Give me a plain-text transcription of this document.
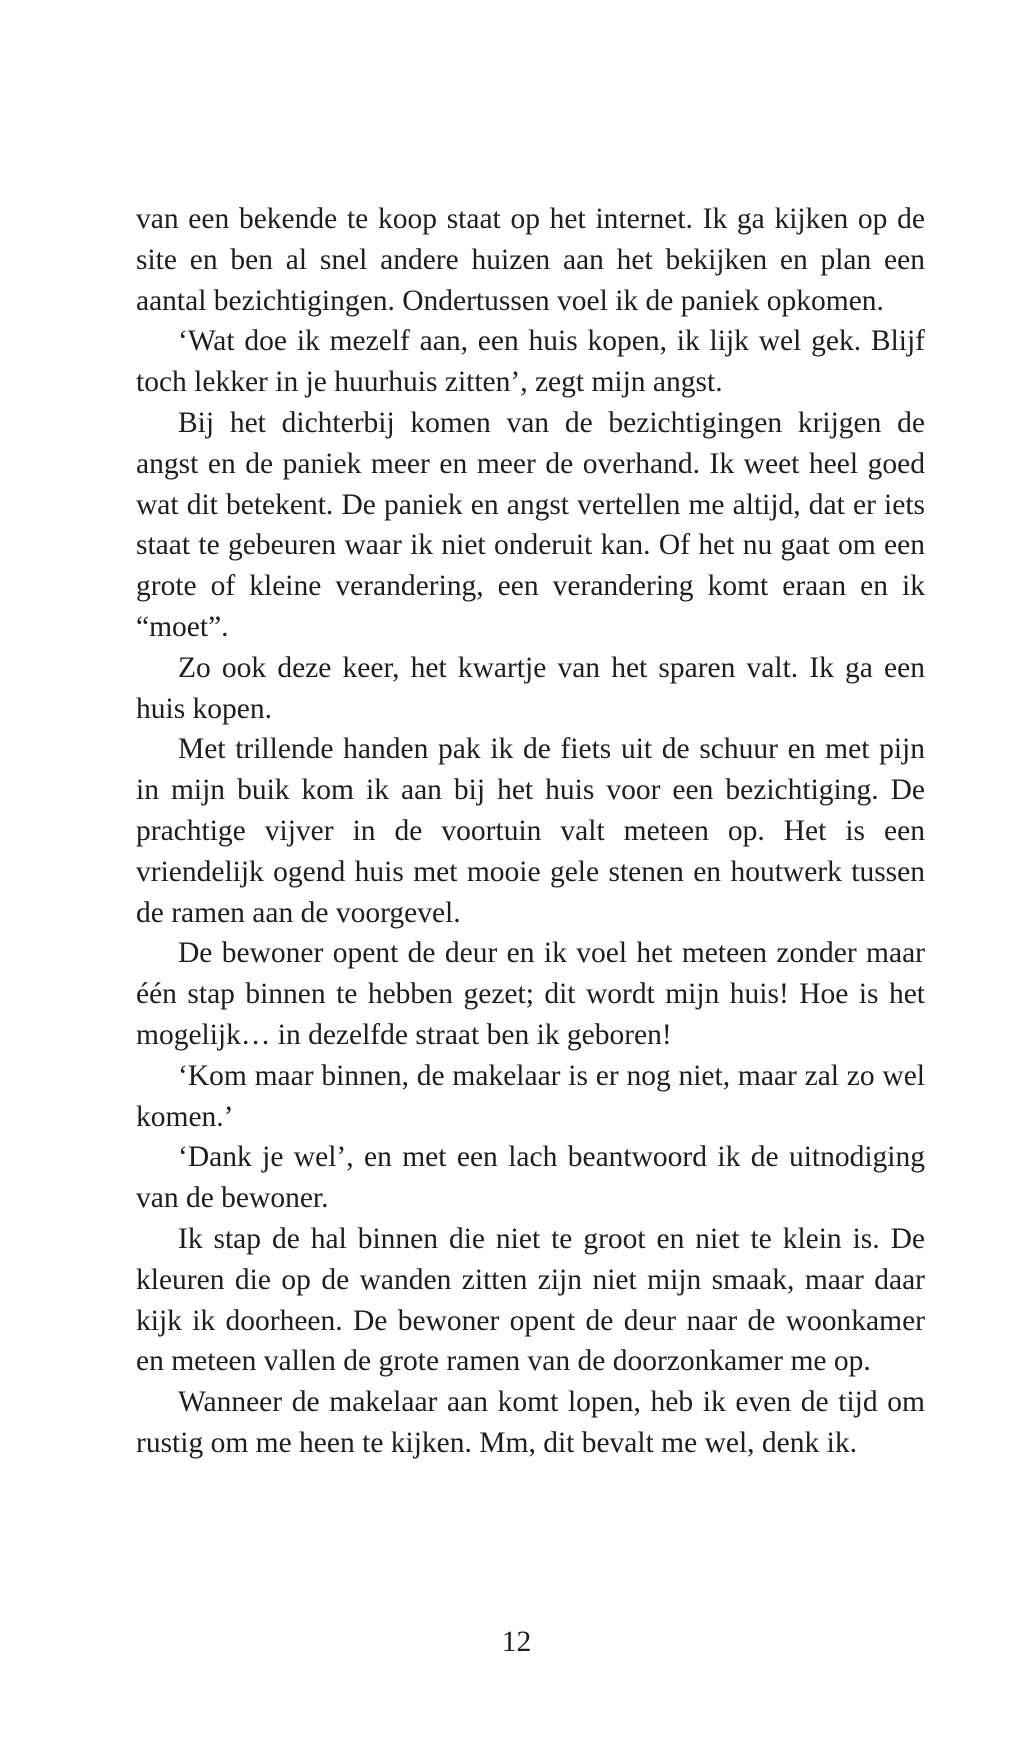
van een bekende te koop staat op het internet. Ik ga kijken op de site en ben al snel andere huizen aan het bekijken en plan een aantal bezichtigingen. Ondertussen voel ik de paniek opkomen.

‘Wat doe ik mezelf aan, een huis kopen, ik lijk wel gek. Blijf toch lekker in je huurhuis zitten’, zegt mijn angst.

Bij het dichterbij komen van de bezichtigingen krijgen de angst en de paniek meer en meer de overhand. Ik weet heel goed wat dit betekent. De paniek en angst vertellen me altijd, dat er iets staat te gebeuren waar ik niet onderuit kan. Of het nu gaat om een grote of kleine verandering, een verandering komt eraan en ik “moet”.

Zo ook deze keer, het kwartje van het sparen valt. Ik ga een huis kopen.

Met trillende handen pak ik de fiets uit de schuur en met pijn in mijn buik kom ik aan bij het huis voor een bezichtiging. De prachtige vijver in de voortuin valt meteen op. Het is een vriendelijk ogend huis met mooie gele stenen en houtwerk tussen de ramen aan de voorgevel.

De bewoner opent de deur en ik voel het meteen zonder maar één stap binnen te hebben gezet; dit wordt mijn huis! Hoe is het mogelijk… in dezelfde straat ben ik geboren!

‘Kom maar binnen, de makelaar is er nog niet, maar zal zo wel komen.’

‘Dank je wel’, en met een lach beantwoord ik de uitnodiging van de bewoner.

Ik stap de hal binnen die niet te groot en niet te klein is. De kleuren die op de wanden zitten zijn niet mijn smaak, maar daar kijk ik doorheen. De bewoner opent de deur naar de woonkamer en meteen vallen de grote ramen van de doorzonkamer me op.

Wanneer de makelaar aan komt lopen, heb ik even de tijd om rustig om me heen te kijken. Mm, dit bevalt me wel, denk ik.

12
